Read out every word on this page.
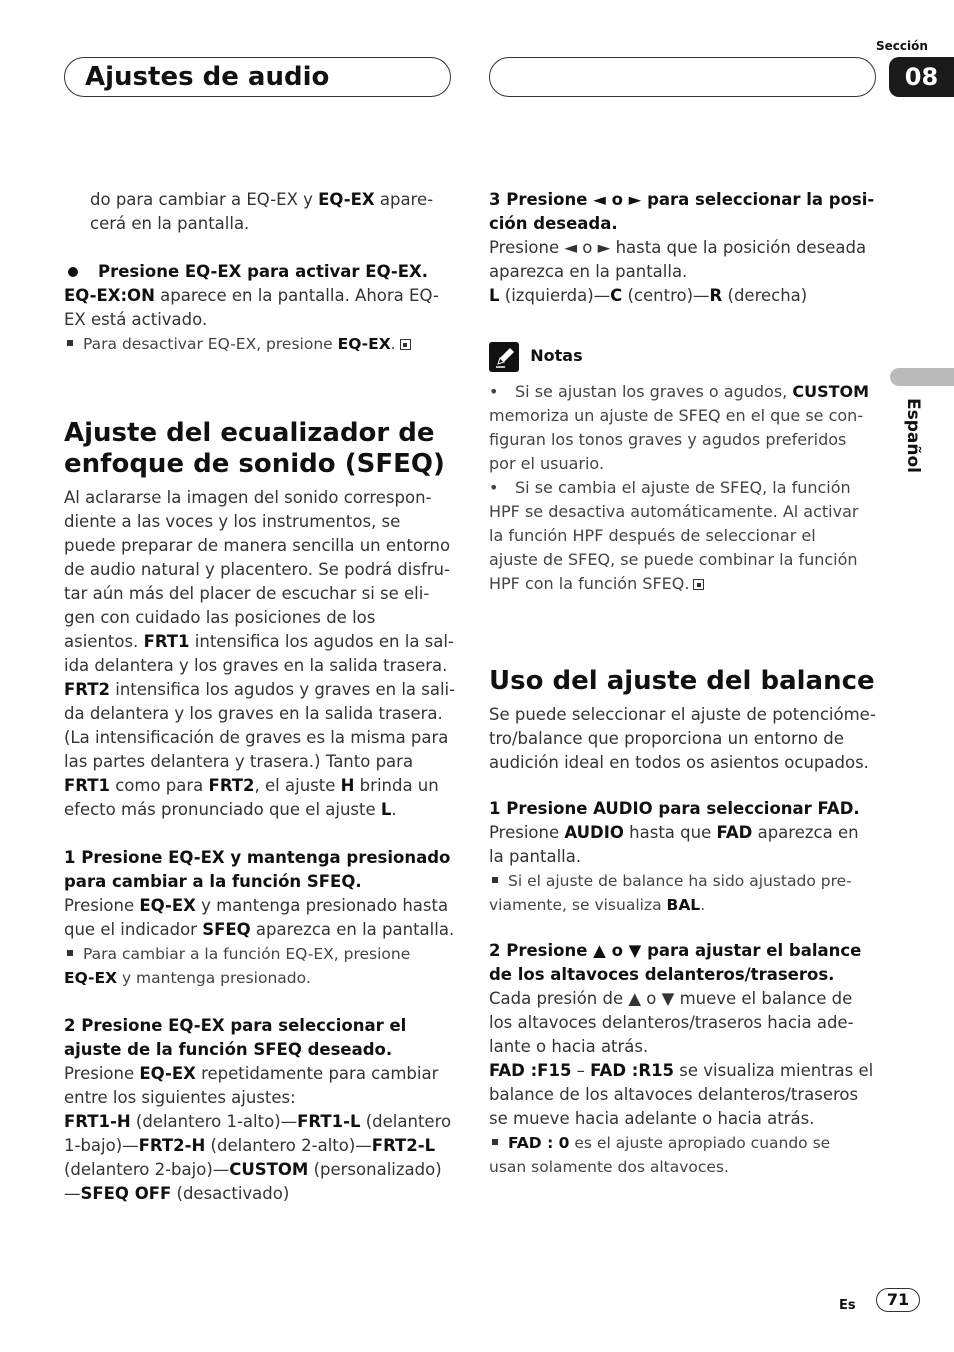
Ajustes de audio
Sección
08
Español

do para cambiar a EQ-EX y EQ-EX apare-

cerá en la pantalla.

Presione EQ-EX para activar EQ-EX.

EQ-EX:ON aparece en la pantalla. Ahora EQ-

EX está activado.

Para desactivar EQ-EX, presione EQ-EX.

Ajuste del ecualizador de
enfoque de sonido (SFEQ)

Al aclararse la imagen del sonido correspon-

diente a las voces y los instrumentos, se

puede preparar de manera sencilla un entorno

de audio natural y placentero. Se podrá disfru-

tar aún más del placer de escuchar si se eli-

gen con cuidado las posiciones de los

asientos. FRT1 intensifica los agudos en la sal-

ida delantera y los graves en la salida trasera.

FRT2 intensifica los agudos y graves en la sali-

da delantera y los graves en la salida trasera.

(La intensificación de graves es la misma para

las partes delantera y trasera.) Tanto para

FRT1 como para FRT2, el ajuste H brinda un

efecto más pronunciado que el ajuste L.

1 Presione EQ-EX y mantenga presionado

para cambiar a la función SFEQ.

Presione EQ-EX y mantenga presionado hasta

que el indicador SFEQ aparezca en la pantalla.

Para cambiar a la función EQ-EX, presione

EQ-EX y mantenga presionado.

2 Presione EQ-EX para seleccionar el

ajuste de la función SFEQ deseado.

Presione EQ-EX repetidamente para cambiar

entre los siguientes ajustes:

FRT1-H (delantero 1-alto)—FRT1-L (delantero

1-bajo)—FRT2-H (delantero 2-alto)—FRT2-L

(delantero 2-bajo)—CUSTOM (personalizado)

—SFEQ OFF (desactivado)

3 Presione ◄ o ► para seleccionar la posi-

ción deseada.

Presione ◄ o ► hasta que la posición deseada

aparezca en la pantalla.

L (izquierda)—C (centro)—R (derecha)

Notas

• Si se ajustan los graves o agudos, CUSTOM

memoriza un ajuste de SFEQ en el que se con-

figuran los tonos graves y agudos preferidos

por el usuario.

• Si se cambia el ajuste de SFEQ, la función

HPF se desactiva automáticamente. Al activar

la función HPF después de seleccionar el

ajuste de SFEQ, se puede combinar la función

HPF con la función SFEQ.

Uso del ajuste del balance

Se puede seleccionar el ajuste de potencióme-

tro/balance que proporciona un entorno de

audición ideal en todos os asientos ocupados.

1 Presione AUDIO para seleccionar FAD.

Presione AUDIO hasta que FAD aparezca en

la pantalla.

Si el ajuste de balance ha sido ajustado pre-

viamente, se visualiza BAL.

2 Presione ▲ o ▼ para ajustar el balance

de los altavoces delanteros/traseros.

Cada presión de ▲ o ▼ mueve el balance de

los altavoces delanteros/traseros hacia ade-

lante o hacia atrás.

FAD :F15 – FAD :R15 se visualiza mientras el

balance de los altavoces delanteros/traseros

se mueve hacia adelante o hacia atrás.

FAD : 0 es el ajuste apropiado cuando se

usan solamente dos altavoces.

Es	71
